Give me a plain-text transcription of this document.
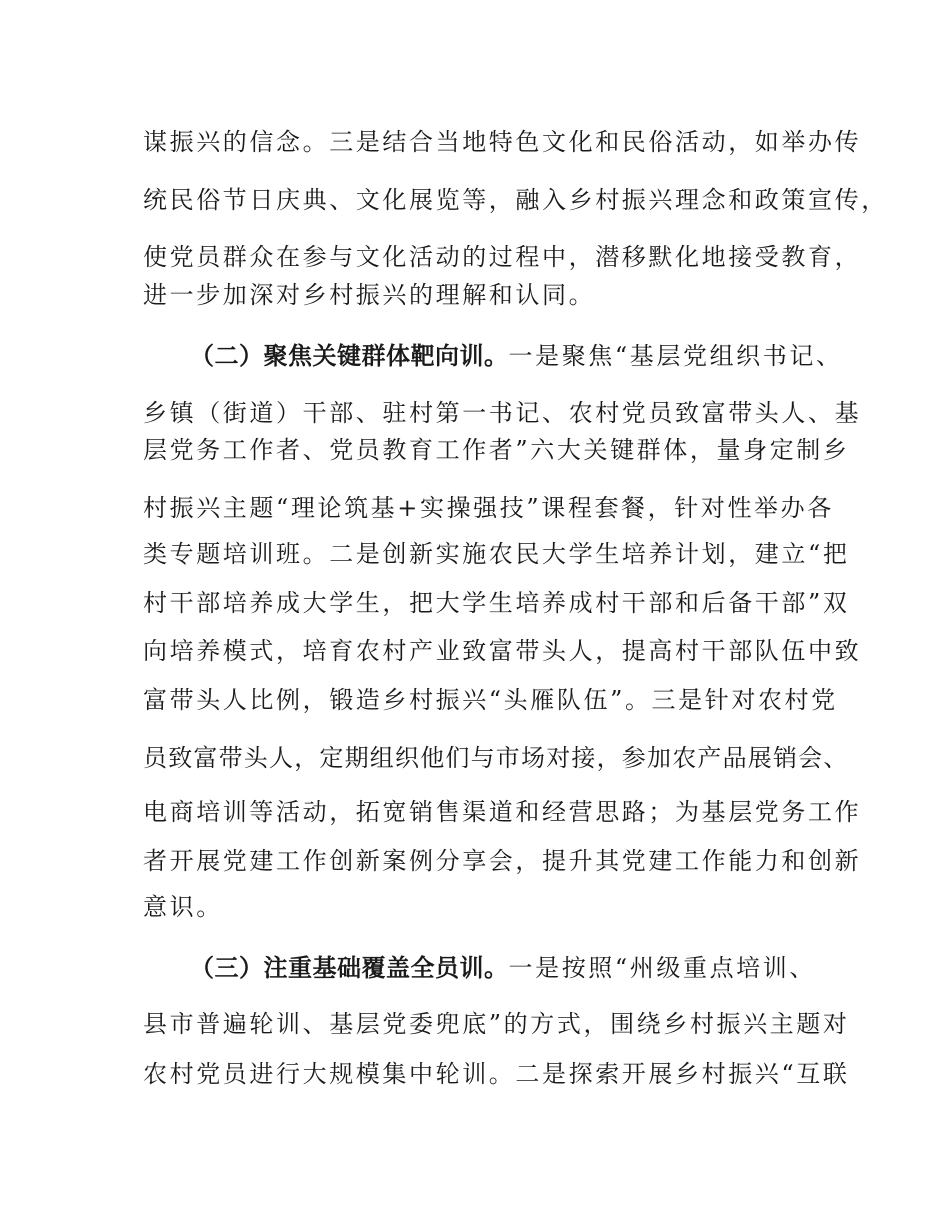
谋振兴的信念。三是结合当地特色文化和民俗活动，如举办传
统民俗节日庆典、文化展览等，融入乡村振兴理念和政策宣传，
使党员群众在参与文化活动的过程中，潜移默化地接受教育，
进一步加深对乡村振兴的理解和认同。
（二）聚焦关键群体靶向训。一是聚焦“基层党组织书记、
乡镇（街道）干部、驻村第一书记、农村党员致富带头人、基
层党务工作者、党员教育工作者”六大关键群体，量身定制乡
村振兴主题“理论筑基+实操强技”课程套餐，针对性举办各
类专题培训班。二是创新实施农民大学生培养计划，建立“把
村干部培养成大学生，把大学生培养成村干部和后备干部”双
向培养模式，培育农村产业致富带头人，提高村干部队伍中致
富带头人比例，锻造乡村振兴“头雁队伍”。三是针对农村党
员致富带头人，定期组织他们与市场对接，参加农产品展销会、
电商培训等活动，拓宽销售渠道和经营思路；为基层党务工作
者开展党建工作创新案例分享会，提升其党建工作能力和创新
意识。
（三）注重基础覆盖全员训。一是按照“州级重点培训、
县市普遍轮训、基层党委兜底”的方式，围绕乡村振兴主题对
农村党员进行大规模集中轮训。二是探索开展乡村振兴“互联
